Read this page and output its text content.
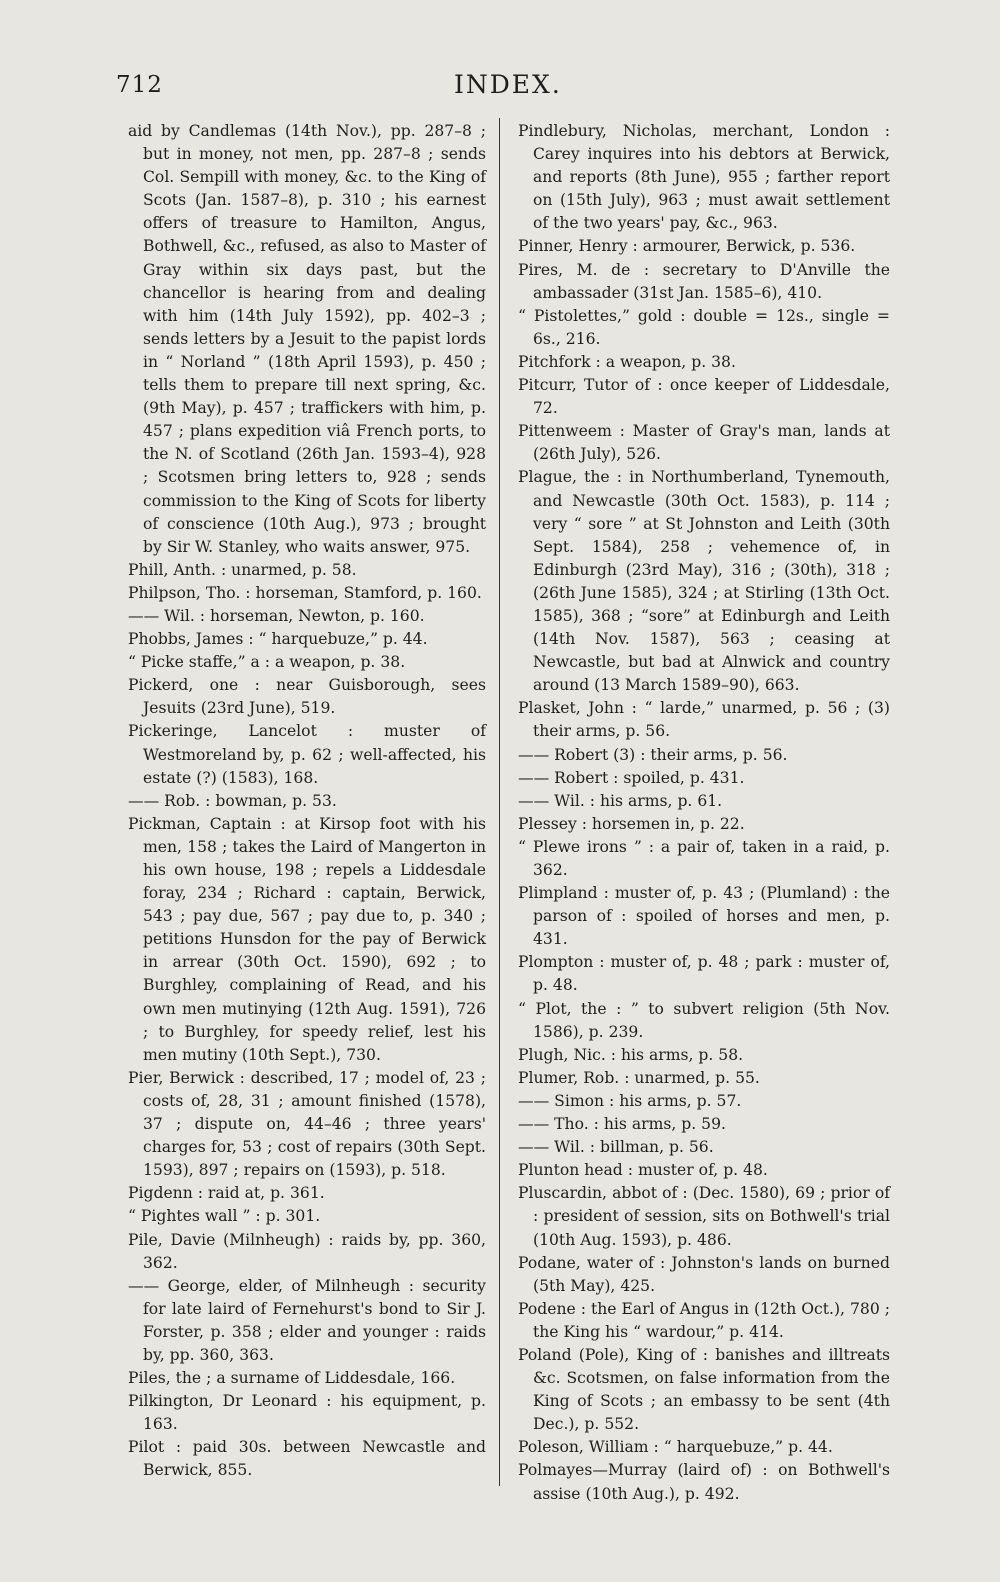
712	INDEX.

aid by Candlemas (14th Nov.), pp. 287–8 ; but in money, not men, pp. 287–8 ; sends Col. Sempill with money, &c. to the King of Scots (Jan. 1587–8), p. 310 ; his earnest offers of treasure to Hamilton, Angus, Bothwell, &c., refused, as also to Master of Gray within six days past, but the chancellor is hearing from and dealing with him (14th July 1592), pp. 402–3 ; sends letters by a Jesuit to the papist lords in “ Norland ” (18th April 1593), p. 450 ; tells them to prepare till next spring, &c. (9th May), p. 457 ; traffickers with him, p. 457 ; plans expedition viâ French ports, to the N. of Scotland (26th Jan. 1593–4), 928 ; Scotsmen bring letters to, 928 ; sends commission to the King of Scots for liberty of conscience (10th Aug.), 973 ; brought by Sir W. Stanley, who waits answer, 975.

Phill, Anth. : unarmed, p. 58.

Philpson, Tho. : horseman, Stamford, p. 160.

—— Wil. : horseman, Newton, p. 160.

Phobbs, James : “ harquebuze,” p. 44.

“ Picke staffe,” a : a weapon, p. 38.

Pickerd, one : near Guisborough, sees Jesuits (23rd June), 519.

Pickeringe, Lancelot : muster of Westmoreland by, p. 62 ; well-affected, his estate (?) (1583), 168.

—— Rob. : bowman, p. 53.

Pickman, Captain : at Kirsop foot with his men, 158 ; takes the Laird of Mangerton in his own house, 198 ; repels a Liddesdale foray, 234 ; Richard : captain, Berwick, 543 ; pay due, 567 ; pay due to, p. 340 ; petitions Hunsdon for the pay of Berwick in arrear (30th Oct. 1590), 692 ; to Burghley, complaining of Read, and his own men mutinying (12th Aug. 1591), 726 ; to Burghley, for speedy relief, lest his men mutiny (10th Sept.), 730.

Pier, Berwick : described, 17 ; model of, 23 ; costs of, 28, 31 ; amount finished (1578), 37 ; dispute on, 44–46 ; three years' charges for, 53 ; cost of repairs (30th Sept. 1593), 897 ; repairs on (1593), p. 518.

Pigdenn : raid at, p. 361.

“ Pightes wall ” : p. 301.

Pile, Davie (Milnheugh) : raids by, pp. 360, 362.

—— George, elder, of Milnheugh : security for late laird of Fernehurst's bond to Sir J. Forster, p. 358 ; elder and younger : raids by, pp. 360, 363.

Piles, the ; a surname of Liddesdale, 166.

Pilkington, Dr Leonard : his equipment, p. 163.

Pilot : paid 30s. between Newcastle and Berwick, 855.

Pindlebury, Nicholas, merchant, London : Carey inquires into his debtors at Berwick, and reports (8th June), 955 ; farther report on (15th July), 963 ; must await settlement of the two years' pay, &c., 963.

Pinner, Henry : armourer, Berwick, p. 536.

Pires, M. de : secretary to D'Anville the ambassader (31st Jan. 1585–6), 410.

“ Pistolettes,” gold : double = 12s., single = 6s., 216.

Pitchfork : a weapon, p. 38.

Pitcurr, Tutor of : once keeper of Liddesdale, 72.

Pittenweem : Master of Gray's man, lands at (26th July), 526.

Plague, the : in Northumberland, Tynemouth, and Newcastle (30th Oct. 1583), p. 114 ; very “ sore ” at St Johnston and Leith (30th Sept. 1584), 258 ; vehemence of, in Edinburgh (23rd May), 316 ; (30th), 318 ; (26th June 1585), 324 ; at Stirling (13th Oct. 1585), 368 ; “sore” at Edinburgh and Leith (14th Nov. 1587), 563 ; ceasing at Newcastle, but bad at Alnwick and country around (13 March 1589–90), 663.

Plasket, John : “ larde,” unarmed, p. 56 ; (3) their arms, p. 56.

—— Robert (3) : their arms, p. 56.

—— Robert : spoiled, p. 431.

—— Wil. : his arms, p. 61.

Plessey : horsemen in, p. 22.

“ Plewe irons ” : a pair of, taken in a raid, p. 362.

Plimpland : muster of, p. 43 ; (Plumland) : the parson of : spoiled of horses and men, p. 431.

Plompton : muster of, p. 48 ; park : muster of, p. 48.

“ Plot, the : ” to subvert religion (5th Nov. 1586), p. 239.

Plugh, Nic. : his arms, p. 58.

Plumer, Rob. : unarmed, p. 55.

—— Simon : his arms, p. 57.

—— Tho. : his arms, p. 59.

—— Wil. : billman, p. 56.

Plunton head : muster of, p. 48.

Pluscardin, abbot of : (Dec. 1580), 69 ; prior of : president of session, sits on Bothwell's trial (10th Aug. 1593), p. 486.

Podane, water of : Johnston's lands on burned (5th May), 425.

Podene : the Earl of Angus in (12th Oct.), 780 ; the King his “ wardour,” p. 414.

Poland (Pole), King of : banishes and illtreats &c. Scotsmen, on false information from the King of Scots ; an embassy to be sent (4th Dec.), p. 552.

Poleson, William : “ harquebuze,” p. 44.

Polmayes—Murray (laird of) : on Bothwell's assise (10th Aug.), p. 492.
